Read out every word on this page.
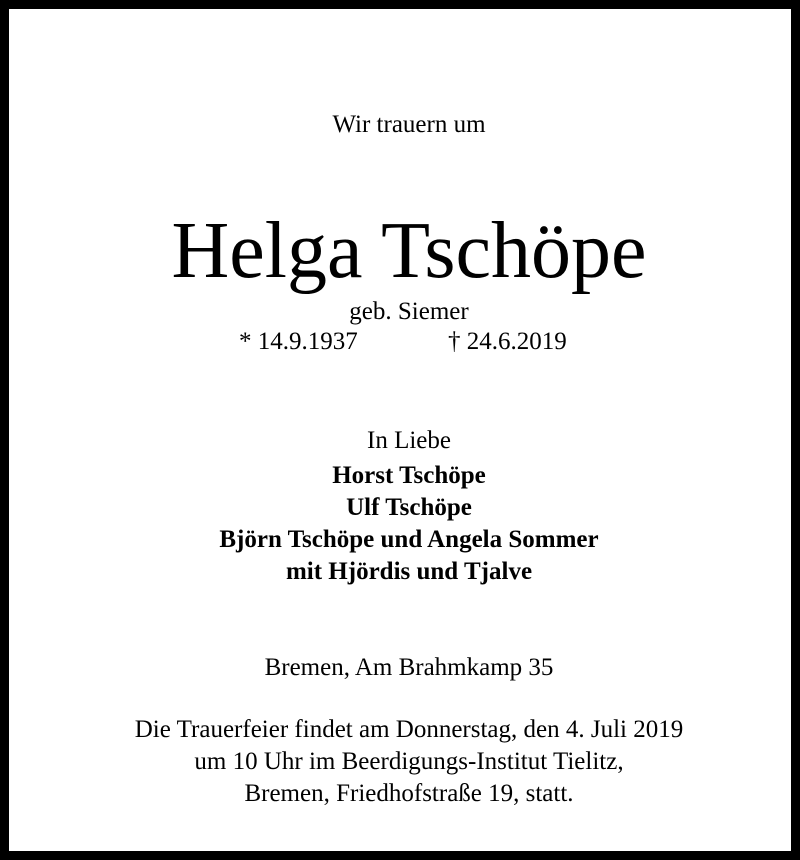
Wir trauern um
Helga Tschöpe
geb. Siemer
* 14.9.1937	† 24.6.2019
In Liebe
Horst Tschöpe
Ulf Tschöpe
Björn Tschöpe und Angela Sommer
mit Hjördis und Tjalve
Bremen, Am Brahmkamp 35
Die Trauerfeier findet am Donnerstag, den 4. Juli 2019
um 10 Uhr im Beerdigungs-Institut Tielitz,
Bremen, Friedhofstraße 19, statt.
